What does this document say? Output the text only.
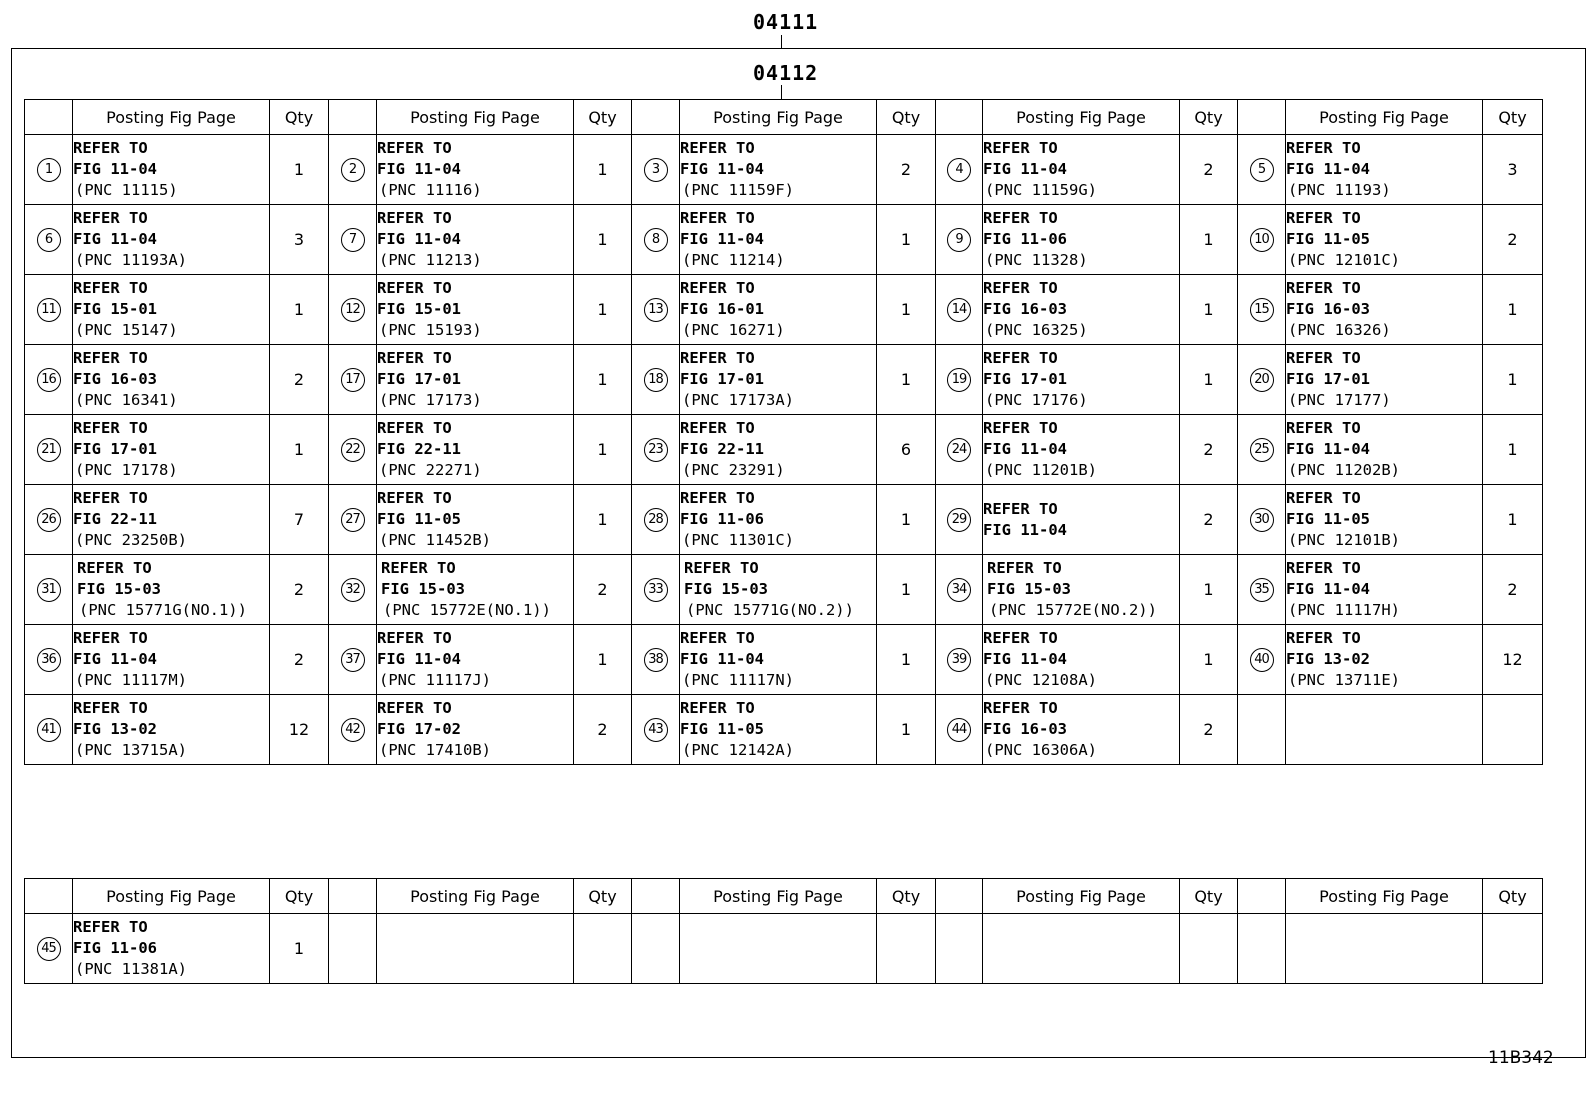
04111
04112
	Posting Fig Page	Qty		Posting Fig Page	Qty		Posting Fig Page	Qty		Posting Fig Page	Qty		Posting Fig Page	Qty
1	REFER TO
FIG 11-04
(PNC 11115)	1	2	REFER TO
FIG 11-04
(PNC 11116)	1	3	REFER TO
FIG 11-04
(PNC 11159F)	2	4	REFER TO
FIG 11-04
(PNC 11159G)	2	5	REFER TO
FIG 11-04
(PNC 11193)	3
6	REFER TO
FIG 11-04
(PNC 11193A)	3	7	REFER TO
FIG 11-04
(PNC 11213)	1	8	REFER TO
FIG 11-04
(PNC 11214)	1	9	REFER TO
FIG 11-06
(PNC 11328)	1	10	REFER TO
FIG 11-05
(PNC 12101C)	2
11	REFER TO
FIG 15-01
(PNC 15147)	1	12	REFER TO
FIG 15-01
(PNC 15193)	1	13	REFER TO
FIG 16-01
(PNC 16271)	1	14	REFER TO
FIG 16-03
(PNC 16325)	1	15	REFER TO
FIG 16-03
(PNC 16326)	1
16	REFER TO
FIG 16-03
(PNC 16341)	2	17	REFER TO
FIG 17-01
(PNC 17173)	1	18	REFER TO
FIG 17-01
(PNC 17173A)	1	19	REFER TO
FIG 17-01
(PNC 17176)	1	20	REFER TO
FIG 17-01
(PNC 17177)	1
21	REFER TO
FIG 17-01
(PNC 17178)	1	22	REFER TO
FIG 22-11
(PNC 22271)	1	23	REFER TO
FIG 22-11
(PNC 23291)	6	24	REFER TO
FIG 11-04
(PNC 11201B)	2	25	REFER TO
FIG 11-04
(PNC 11202B)	1
26	REFER TO
FIG 22-11
(PNC 23250B)	7	27	REFER TO
FIG 11-05
(PNC 11452B)	1	28	REFER TO
FIG 11-06
(PNC 11301C)	1	29	REFER TO
FIG 11-04	2	30	REFER TO
FIG 11-05
(PNC 12101B)	1
31	REFER TO
FIG 15-03
(PNC 15771G(NO.1))	2	32	REFER TO
FIG 15-03
(PNC 15772E(NO.1))	2	33	REFER TO
FIG 15-03
(PNC 15771G(NO.2))	1	34	REFER TO
FIG 15-03
(PNC 15772E(NO.2))	1	35	REFER TO
FIG 11-04
(PNC 11117H)	2
36	REFER TO
FIG 11-04
(PNC 11117M)	2	37	REFER TO
FIG 11-04
(PNC 11117J)	1	38	REFER TO
FIG 11-04
(PNC 11117N)	1	39	REFER TO
FIG 11-04
(PNC 12108A)	1	40	REFER TO
FIG 13-02
(PNC 13711E)	12
41	REFER TO
FIG 13-02
(PNC 13715A)	12	42	REFER TO
FIG 17-02
(PNC 17410B)	2	43	REFER TO
FIG 11-05
(PNC 12142A)	1	44	REFER TO
FIG 16-03
(PNC 16306A)	2			
	Posting Fig Page	Qty		Posting Fig Page	Qty		Posting Fig Page	Qty		Posting Fig Page	Qty		Posting Fig Page	Qty
45	REFER TO
FIG 11-06
(PNC 11381A)	1												
11B342
